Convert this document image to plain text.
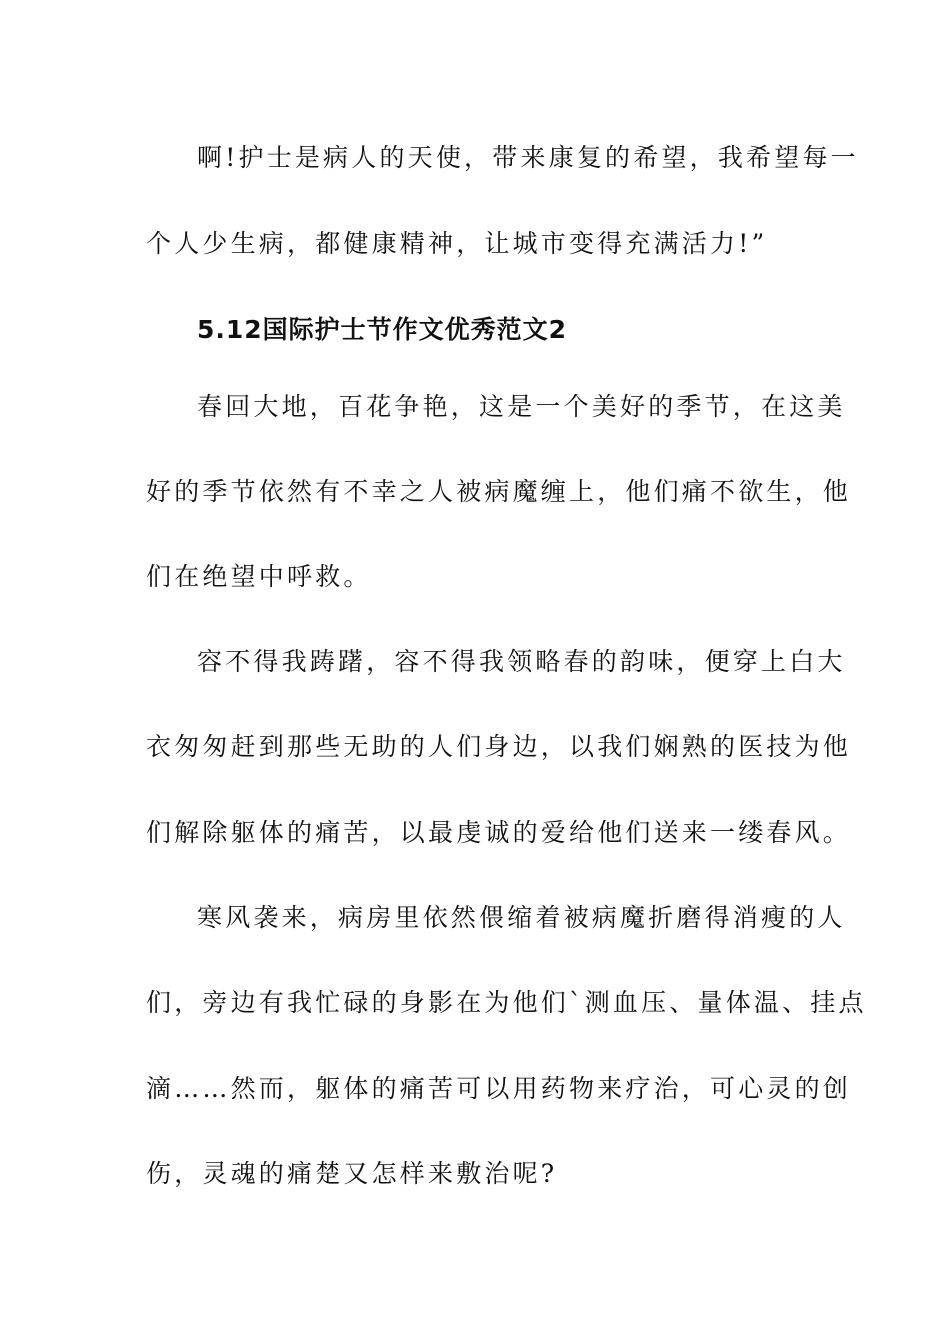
啊!护士是病人的天使，带来康复的希望，我希望每一
个人少生病，都健康精神，让城市变得充满活力!”
5.12国际护士节作文优秀范文2
春回大地，百花争艳，这是一个美好的季节，在这美
好的季节依然有不幸之人被病魔缠上，他们痛不欲生，他
们在绝望中呼救。
容不得我踌躇，容不得我领略春的韵味，便穿上白大
衣匆匆赶到那些无助的人们身边，以我们娴熟的医技为他
们解除躯体的痛苦，以最虔诚的爱给他们送来一缕春风。
寒风袭来，病房里依然偎缩着被病魔折磨得消瘦的人
们，旁边有我忙碌的身影在为他们`测血压、量体温、挂点
滴……然而，躯体的痛苦可以用药物来疗治，可心灵的创
伤，灵魂的痛楚又怎样来敷治呢?
